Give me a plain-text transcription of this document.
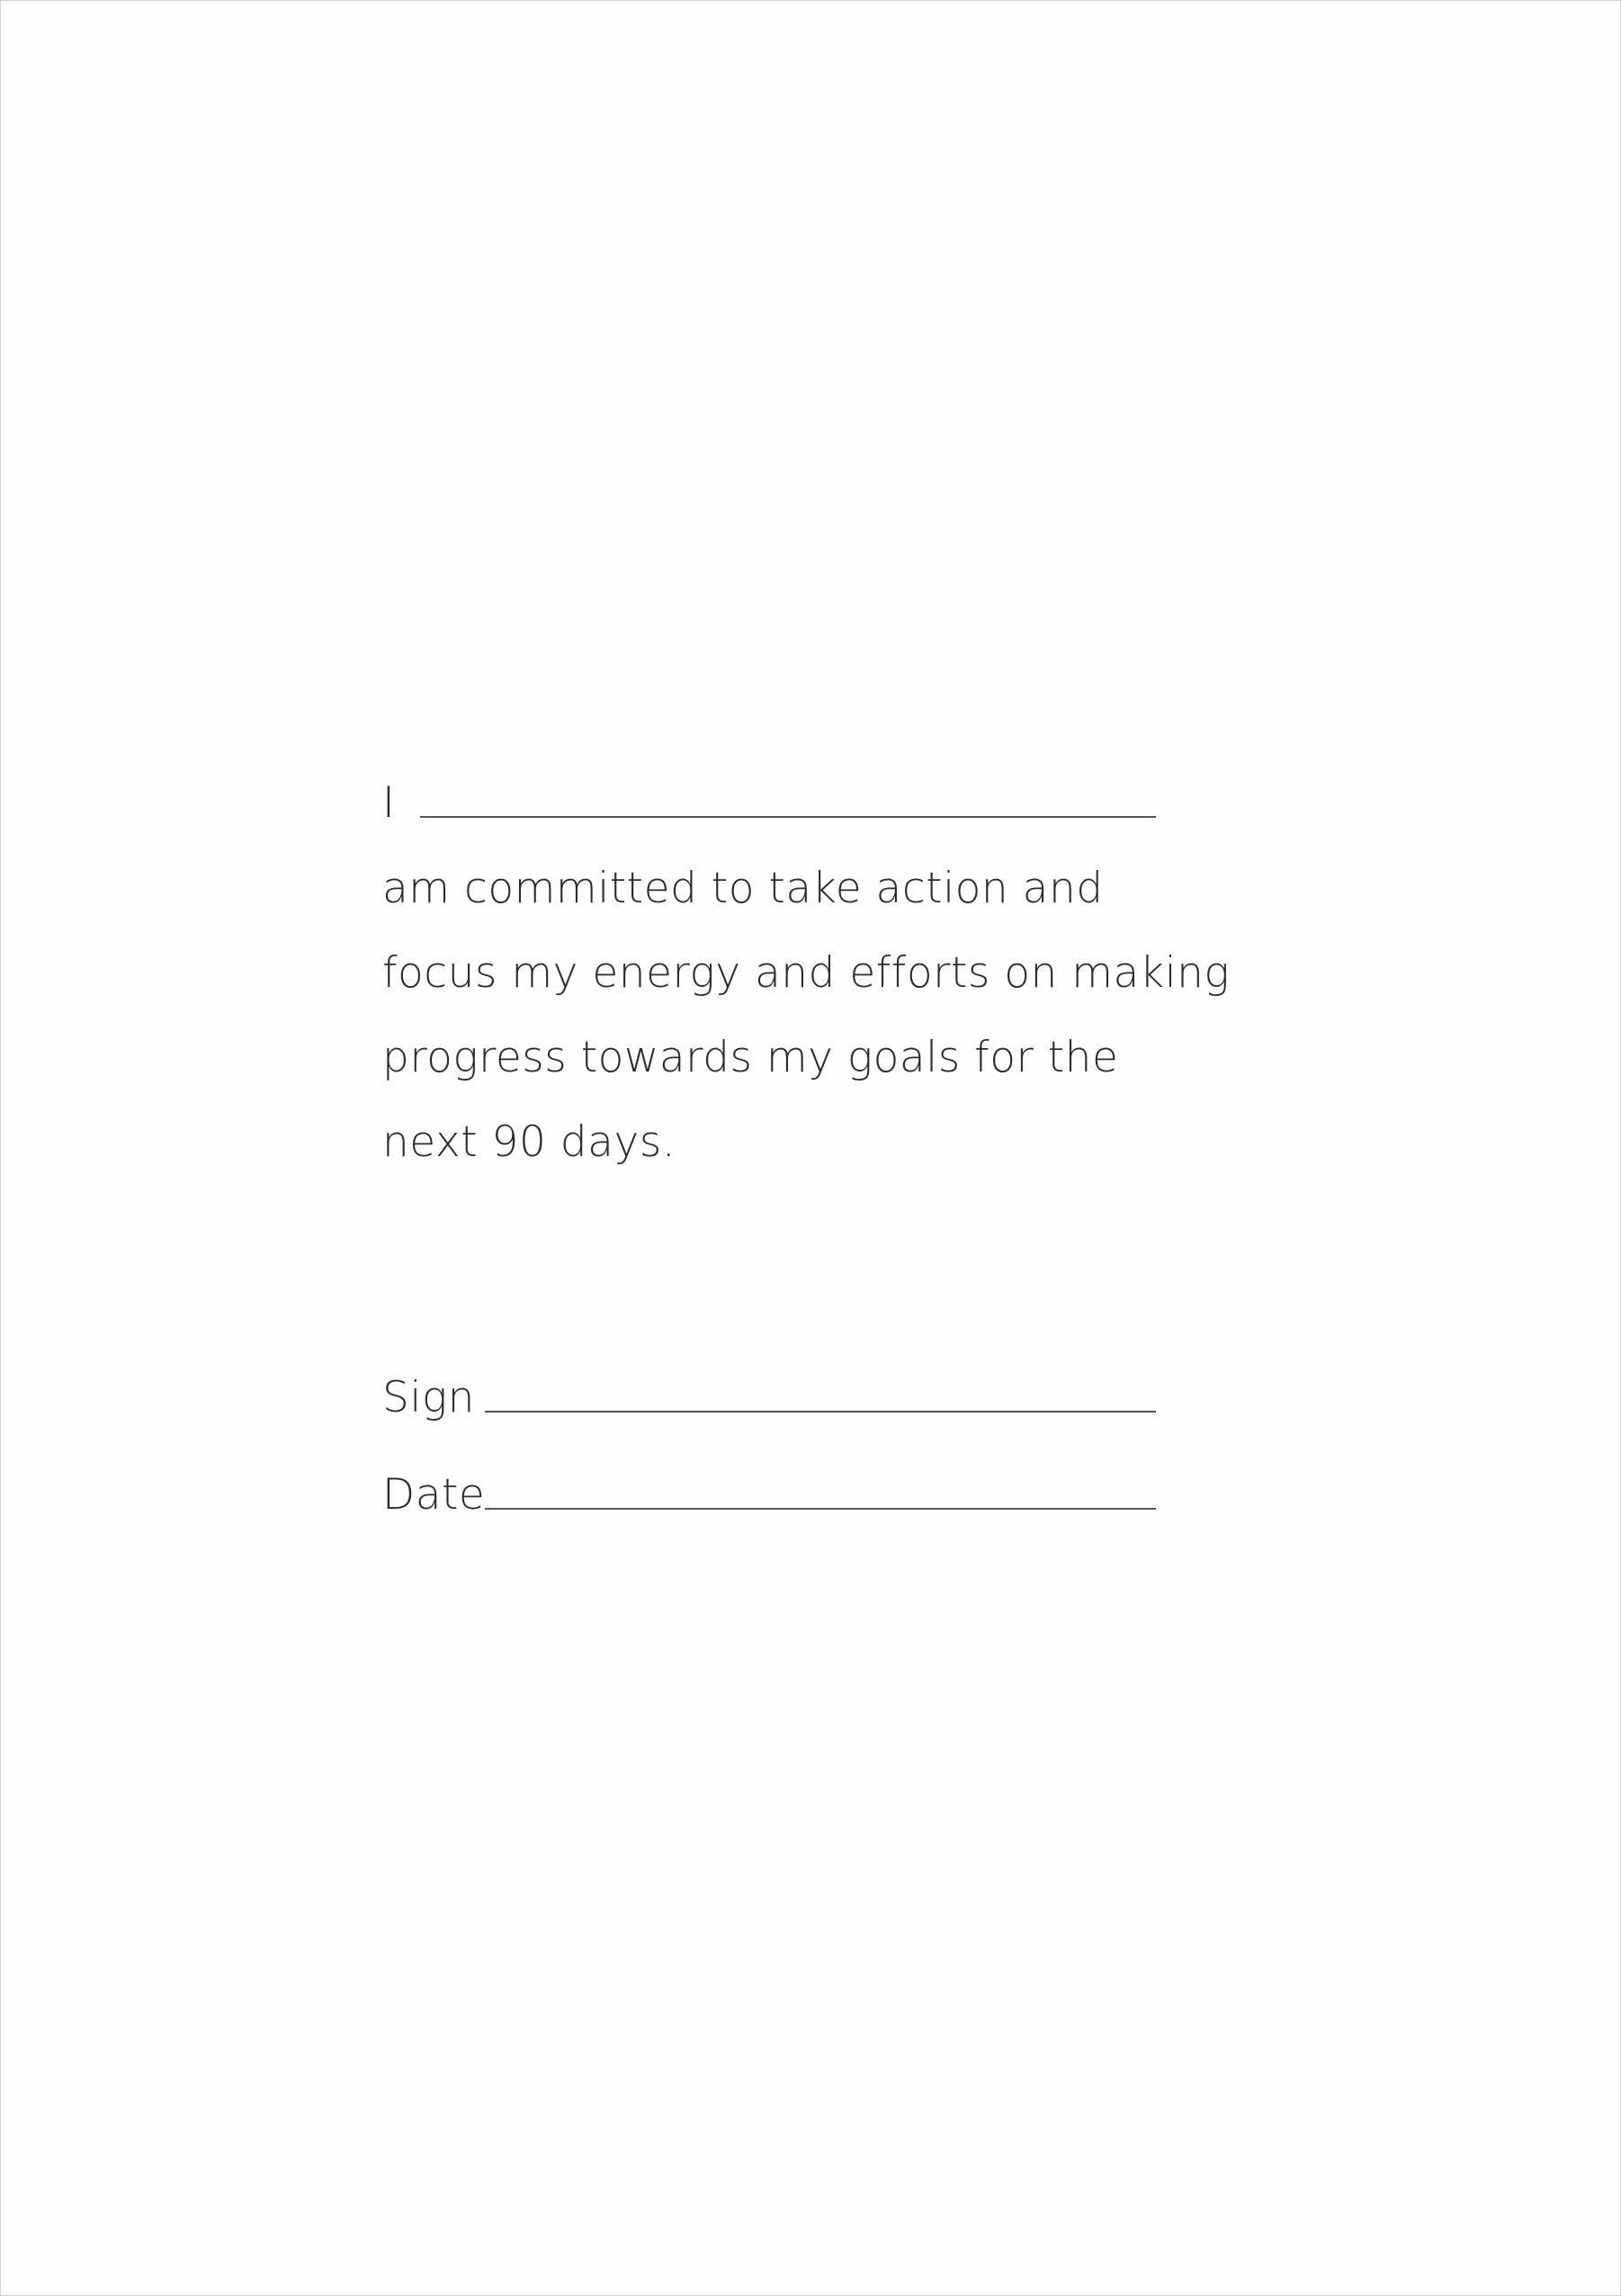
I
am committed to take action and
focus my energy and efforts on making
progress towards my goals for the
next 90 days.
Sign
Date
